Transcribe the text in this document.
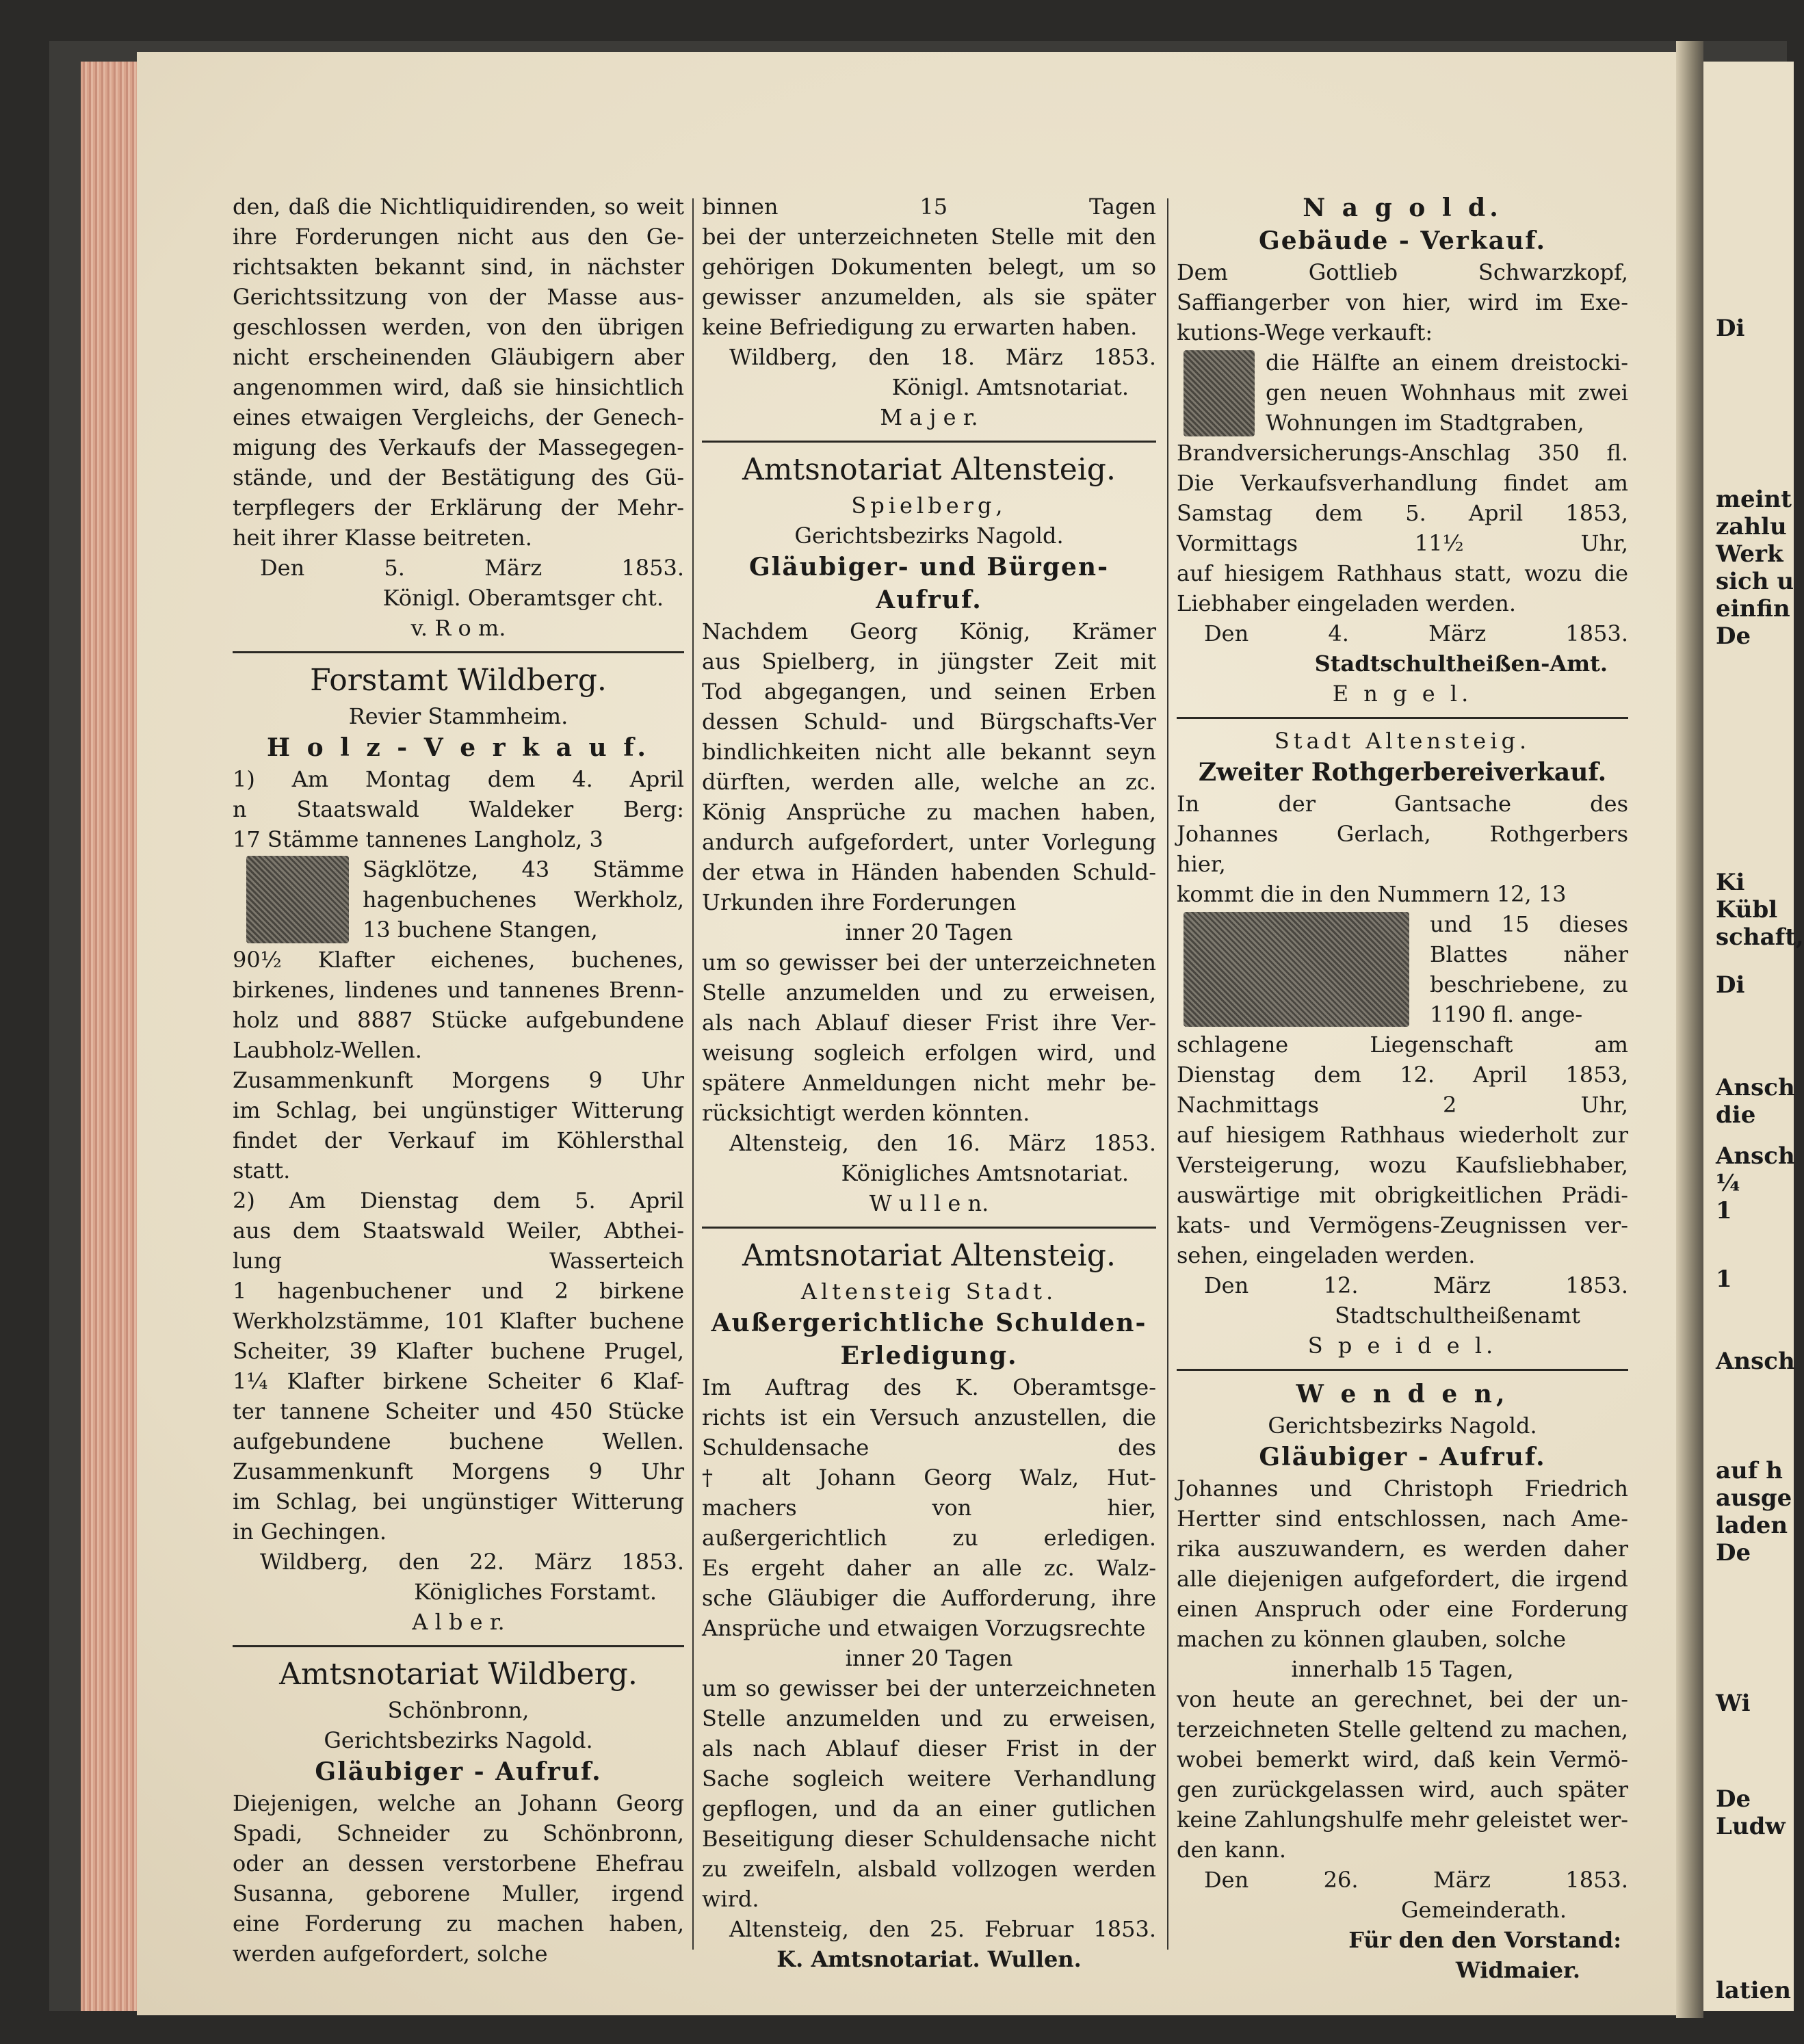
Di
meint
zahlu
Werk
sich u
einfin
De
Ki
Kübl
schaft,
Di
Ansch
die
Ansch
¼
1
1
Ansch
auf h
ausge
laden
De
Wi
De
Ludw
latien
den, daß die Nichtliquidirenden, so weit
ihre Forderungen nicht aus den Ge-
richtsakten bekannt sind, in nächster
Gerichtssitzung von der Masse aus-
geschlossen werden, von den übrigen
nicht erscheinenden Gläubigern aber
angenommen wird, daß sie hinsichtlich
eines etwaigen Vergleichs, der Genech-
migung des Verkaufs der Massegegen-
stände, und der Bestätigung des Gü-
terpflegers der Erklärung der Mehr-
heit ihrer Klasse beitreten.
Den 5. März 1853.
Königl. Oberamtsger cht.
v. R o m.
Forstamt Wildberg.
Revier Stammheim.
H o l z - V e r k a u f.
1) Am Montag dem 4. April
n Staatswald Waldeker Berg:
17 Stämme tannenes Langholz, 3
Sägklötze, 43 Stämme
hagenbuchenes Werkholz,
13 buchene Stangen,
90½ Klafter eichenes, buchenes,
birkenes, lindenes und tannenes Brenn-
holz und 8887 Stücke aufgebundene
Laubholz-Wellen.
Zusammenkunft Morgens 9 Uhr
im Schlag, bei ungünstiger Witterung
findet der Verkauf im Köhlersthal
statt.
2) Am Dienstag dem 5. April
aus dem Staatswald Weiler, Abthei-
lung Wasserteich
1 hagenbuchener und 2 birkene
Werkholzstämme, 101 Klafter buchene
Scheiter, 39 Klafter buchene Prugel,
1¼ Klafter birkene Scheiter 6 Klaf-
ter tannene Scheiter und 450 Stücke
aufgebundene buchene Wellen.
Zusammenkunft Morgens 9 Uhr
im Schlag, bei ungünstiger Witterung
in Gechingen.
Wildberg, den 22. März 1853.
Königliches Forstamt.
A l b e r.
Amtsnotariat Wildberg.
Schönbronn,
Gerichtsbezirks Nagold.
Gläubiger - Aufruf.
Diejenigen, welche an Johann Georg
Spadi, Schneider zu Schönbronn,
oder an dessen verstorbene Ehefrau
Susanna, geborene Muller, irgend
eine Forderung zu machen haben,
werden aufgefordert, solche
binnen 15 Tagen
bei der unterzeichneten Stelle mit den
gehörigen Dokumenten belegt, um so
gewisser anzumelden, als sie später
keine Befriedigung zu erwarten haben.
Wildberg, den 18. März 1853.
Königl. Amtsnotariat.
M a j e r.
Amtsnotariat Altensteig.
Spielberg,
Gerichtsbezirks Nagold.
Gläubiger- und Bürgen-
Aufruf.
Nachdem Georg König, Krämer
aus Spielberg, in jüngster Zeit mit
Tod abgegangen, und seinen Erben
dessen Schuld- und Bürgschafts-Ver
bindlichkeiten nicht alle bekannt seyn
dürften, werden alle, welche an zc.
König Ansprüche zu machen haben,
andurch aufgefordert, unter Vorlegung
der etwa in Händen habenden Schuld-
Urkunden ihre Forderungen
inner 20 Tagen
um so gewisser bei der unterzeichneten
Stelle anzumelden und zu erweisen,
als nach Ablauf dieser Frist ihre Ver-
weisung sogleich erfolgen wird, und
spätere Anmeldungen nicht mehr be-
rücksichtigt werden könnten.
Altensteig, den 16. März 1853.
Königliches Amtsnotariat.
W u l l e n.
Amtsnotariat Altensteig.
Altensteig Stadt.
Außergerichtliche Schulden-
Erledigung.
Im Auftrag des K. Oberamtsge-
richts ist ein Versuch anzustellen, die
Schuldensache des
† alt Johann Georg Walz, Hut-
machers von hier,
außergerichtlich zu erledigen.
Es ergeht daher an alle zc. Walz-
sche Gläubiger die Aufforderung, ihre
Ansprüche und etwaigen Vorzugsrechte
inner 20 Tagen
um so gewisser bei der unterzeichneten
Stelle anzumelden und zu erweisen,
als nach Ablauf dieser Frist in der
Sache sogleich weitere Verhandlung
gepflogen, und da an einer gutlichen
Beseitigung dieser Schuldensache nicht
zu zweifeln, alsbald vollzogen werden
wird.
Altensteig, den 25. Februar 1853.
K. Amtsnotariat. Wullen.
N a g o l d.
Gebäude - Verkauf.
Dem Gottlieb Schwarzkopf,
Saffiangerber von hier, wird im Exe-
kutions-Wege verkauft:
die Hälfte an einem dreistocki-
gen neuen Wohnhaus mit zwei
Wohnungen im Stadtgraben,
Brandversicherungs-Anschlag 350 fl.
Die Verkaufsverhandlung findet am
Samstag dem 5. April 1853,
Vormittags 11½ Uhr,
auf hiesigem Rathhaus statt, wozu die
Liebhaber eingeladen werden.
Den 4. März 1853.
Stadtschultheißen-Amt.
E n g e l.
Stadt Altensteig.
Zweiter Rothgerbereiverkauf.
In der Gantsache des
Johannes Gerlach, Rothgerbers
hier,
kommt die in den Nummern 12, 13
und 15 dieses
Blattes näher
beschriebene, zu
1190 fl. ange-
schlagene Liegenschaft am
Dienstag dem 12. April 1853,
Nachmittags 2 Uhr,
auf hiesigem Rathhaus wiederholt zur
Versteigerung, wozu Kaufsliebhaber,
auswärtige mit obrigkeitlichen Prädi-
kats- und Vermögens-Zeugnissen ver-
sehen, eingeladen werden.
Den 12. März 1853.
Stadtschultheißenamt
S p e i d e l.
W e n d e n,
Gerichtsbezirks Nagold.
Gläubiger - Aufruf.
Johannes und Christoph Friedrich
Hertter sind entschlossen, nach Ame-
rika auszuwandern, es werden daher
alle diejenigen aufgefordert, die irgend
einen Anspruch oder eine Forderung
machen zu können glauben, solche
innerhalb 15 Tagen,
von heute an gerechnet, bei der un-
terzeichneten Stelle geltend zu machen,
wobei bemerkt wird, daß kein Vermö-
gen zurückgelassen wird, auch später
keine Zahlungshulfe mehr geleistet wer-
den kann.
Den 26. März 1853.
Gemeinderath.
Für den den Vorstand:
Widmaier.
